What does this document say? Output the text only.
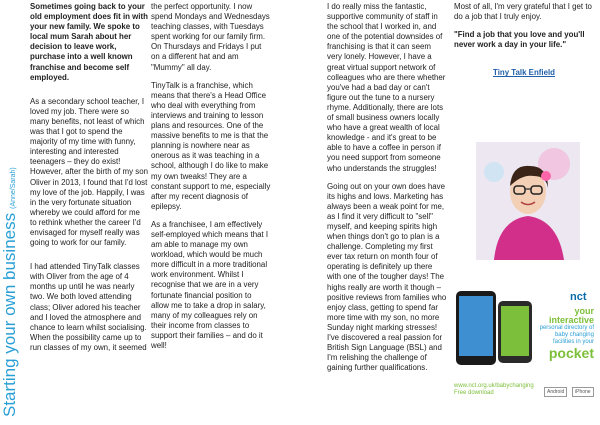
Starting your own business(Anne/Sarah)

Sometimes going back to your old employment does fit in with your new family. We spoke to local mum Sarah about her decision to leave work, purchase into a well known franchise and become self employed.

As a secondary school teacher, I loved my job. There were so many benefits, not least of which was that I got to spend the majority of my time with funny, interesting and interested teenagers – they do exist! However, after the birth of my son Oliver in 2013, I found that I'd lost my love of the job. Happily, I was in the very fortunate situation whereby we could afford for me to rethink whether the career I'd envisaged for myself really was going to work for our family.

I had attended TinyTalk classes with Oliver from the age of 4 months up until he was nearly two. We both loved attending class; Oliver adored his teacher and I loved the atmosphere and chance to learn whilst socialising. When the possibility came up to run classes of my own, it seemed

the perfect opportunity. I now spend Mondays and Wednesdays teaching classes, with Tuesdays spent working for our family firm. On Thursdays and Fridays I put on a different hat and am "Mummy" all day.

TinyTalk is a franchise, which means that there's a Head Office who deal with everything from interviews and training to lesson plans and resources. One of the massive benefits to me is that the planning is nowhere near as onerous as it was teaching in a school, although I do like to make my own tweaks! They are a constant support to me, especially after my recent diagnosis of epilepsy.

As a franchisee, I am effectively self-employed which means that I am able to manage my own workload, which would be much more difficult in a more traditional work environment. Whilst I recognise that we are in a very fortunate financial position to allow me to take a drop in salary, many of my colleagues rely on their income from classes to support their families – and do it well!

I do really miss the fantastic, supportive community of staff in the school that I worked in, and one of the potential downsides of franchising is that it can seem very lonely. However, I have a great virtual support network of colleagues who are there whether you've had a bad day or can't figure out the tune to a nursery rhyme. Additionally, there are lots of small business owners locally who have a great wealth of local knowledge - and it's great to be able to have a coffee in person if you need support from someone who understands the struggles!

Going out on your own does have its highs and lows. Marketing has always been a weak point for me, as I find it very difficult to "sell" myself, and keeping spirits high when things don't go to plan is a challenge. Completing my first ever tax return on month four of operating is definitely up there with one of the tougher days! The highs really are worth it though – positive reviews from families who enjoy class, getting to spend far more time with my son, no more Sunday night marking stresses! I've discovered a real passion for British Sign Language (BSL) and I'm relishing the challenge of gaining further qualifications.

Most of all, I'm very grateful that I get to do a job that I truly enjoy.

"Find a job that you love and you'll never work a day in your life."

Tiny Talk Enfield
nct
your
interactive
personal directory of baby changing facilities in your
pocket
www.nct.org.uk/babychanging Free download	Android	iPhone
